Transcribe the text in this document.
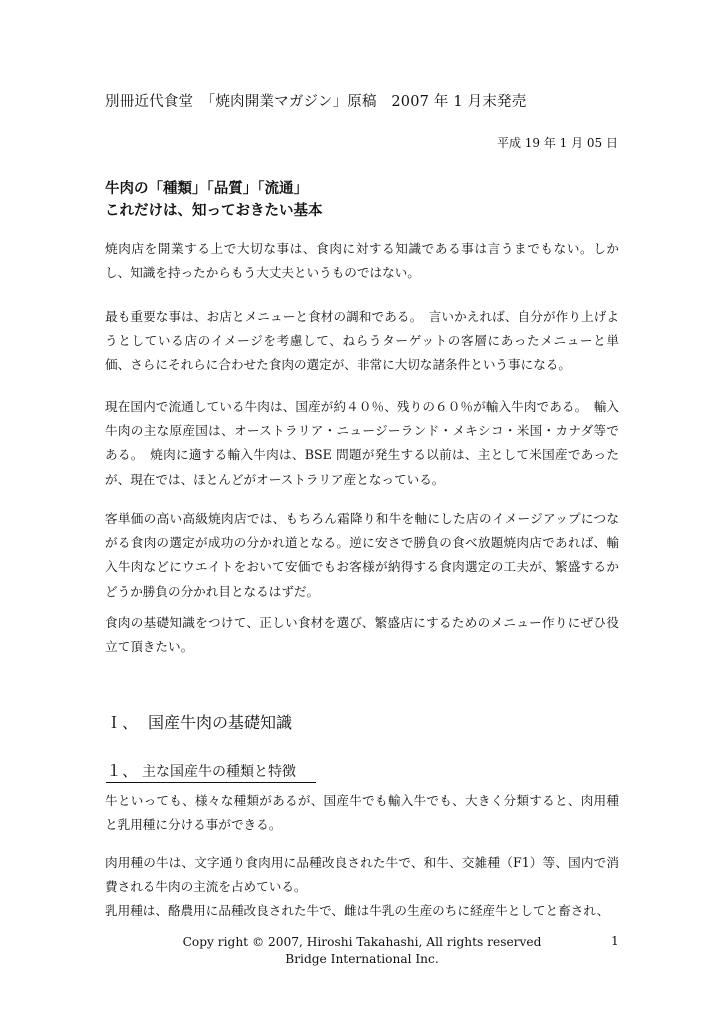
別冊近代食堂　「焼肉開業マガジン」原稿　2007 年 1 月末発売
平成 19 年 1 月 05 日
牛肉の「種類」「品質」「流通」
これだけは、知っておきたい基本
焼肉店を開業する上で大切な事は、食肉に対する知識である事は言うまでもない。しかし、知識を持ったからもう大丈夫というものではない。
最も重要な事は、お店とメニューと食材の調和である。　言いかえれば、自分が作り上げようとしている店のイメージを考慮して、ねらうターゲットの客層にあったメニューと単価、さらにそれらに合わせた食肉の選定が、非常に大切な諸条件という事になる。
現在国内で流通している牛肉は、国産が約４０％、残りの６０％が輸入牛肉である。　輸入牛肉の主な原産国は、オーストラリア・ニュージーランド・メキシコ・米国・カナダ等である。　焼肉に適する輸入牛肉は、BSE 問題が発生する以前は、主として米国産であったが、現在では、ほとんどがオーストラリア産となっている。
客単価の高い高級焼肉店では、もちろん霜降り和牛を軸にした店のイメージアップにつながる食肉の選定が成功の分かれ道となる。逆に安さで勝負の食べ放題焼肉店であれば、輸入牛肉などにウエイトをおいて安価でもお客様が納得する食肉選定の工夫が、繁盛するかどうか勝負の分かれ目となるはずだ。
食肉の基礎知識をつけて、正しい食材を選び、繁盛店にするためのメニュー作りにぜひ役立て頂きたい。
Ｉ、 国産牛肉の基礎知識
１、 主な国産牛の種類と特徴
牛といっても、様々な種類があるが、国産牛でも輸入牛でも、大きく分類すると、肉用種と乳用種に分ける事ができる。
肉用種の牛は、文字通り食肉用に品種改良された牛で、和牛、交雑種（F1）等、国内で消費される牛肉の主流を占めている。
乳用種は、酪農用に品種改良された牛で、雌は牛乳の生産のちに経産牛としてと畜され、
Copy right © 2007, Hiroshi Takahashi, All rights reserved
Bridge International Inc.
1
